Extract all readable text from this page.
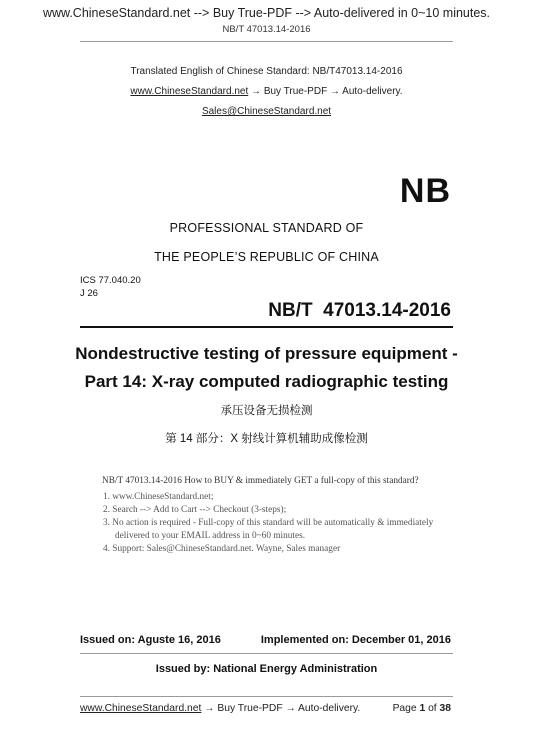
www.ChineseStandard.net --> Buy True-PDF --> Auto-delivered in 0~10 minutes.
NB/T 47013.14-2016
Translated English of Chinese Standard: NB/T47013.14-2016
www.ChineseStandard.net → Buy True-PDF → Auto-delivery.
Sales@ChineseStandard.net
NB
PROFESSIONAL STANDARD OF
THE PEOPLE’S REPUBLIC OF CHINA
ICS 77.040.20
J 26
NB/T  47013.14-2016
Nondestructive testing of pressure equipment -
Part 14: X-ray computed radiographic testing
承压设备无损检测
第 14 部分：X 射线计算机辅助成像检测
NB/T 47013.14-2016 How to BUY & immediately GET a full-copy of this standard?
1. www.ChineseStandard.net;
2. Search --> Add to Cart --> Checkout (3-steps);
3. No action is required - Full-copy of this standard will be automatically & immediately delivered to your EMAIL address in 0~60 minutes.
4. Support: Sales@ChineseStandard.net. Wayne, Sales manager
Issued on: Aguste 16, 2016	Implemented on: December 01, 2016
Issued by: National Energy Administration
www.ChineseStandard.net → Buy True-PDF → Auto-delivery.	Page 1 of 38
